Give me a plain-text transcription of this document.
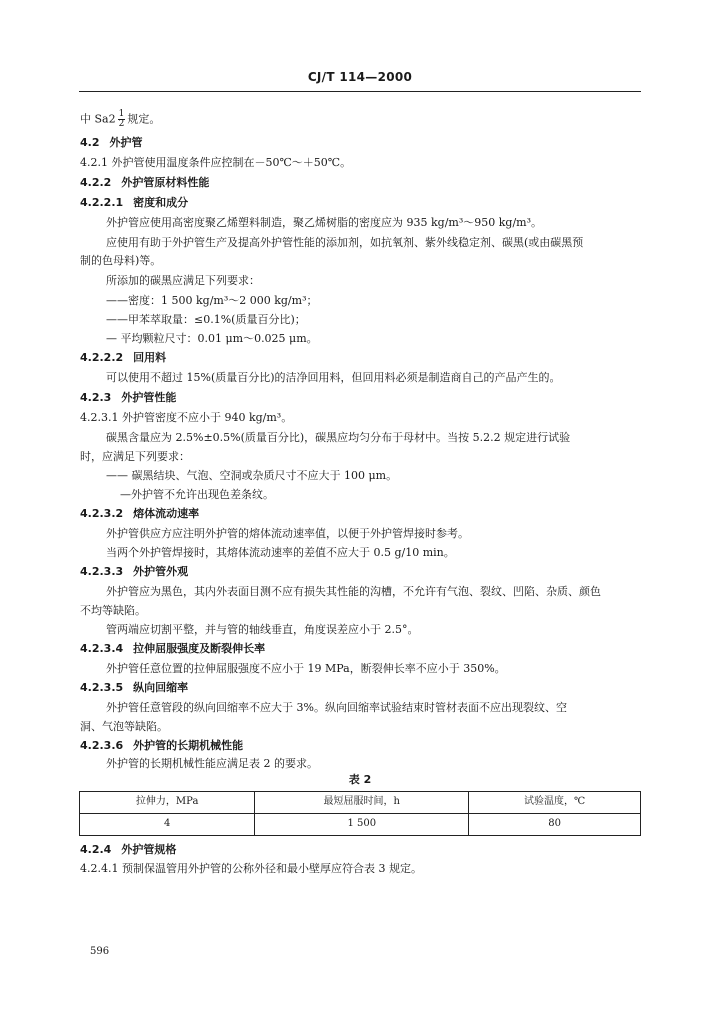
CJ/T 114—2000
中 $Sa2 \frac{1}{2}$ 规定。
4.2 外护管
4.2.1 外护管使用温度条件应控制在－50℃～＋50℃。
4.2.2 外护管原材料性能
4.2.2.1 密度和成分
外护管应使用高密度聚乙烯塑料制造，聚乙烯树脂的密度应为 935 kg/m³～950 kg/m³。
应使用有助于外护管生产及提高外护管性能的添加剂，如抗氧剂、紫外线稳定剂、碳黑(或由碳黑预
制的色母料)等。
所添加的碳黑应满足下列要求：
——密度：1 500 kg/m³～2 000 kg/m³；
——甲苯萃取量：≤0.1%(质量百分比)；
— 平均颗粒尺寸：0.01 μm～0.025 μm。
4.2.2.2 回用料
可以使用不超过 15%(质量百分比)的洁净回用料，但回用料必须是制造商自己的产品产生的。
4.2.3 外护管性能
4.2.3.1 外护管密度不应小于 940 kg/m³。
碳黑含量应为 2.5%±0.5%(质量百分比)，碳黑应均匀分布于母材中。当按 5.2.2 规定进行试验
时，应满足下列要求：
—— 碳黑结块、气泡、空洞或杂质尺寸不应大于 100 μm。
—外护管不允许出现色差条纹。
4.2.3.2 熔体流动速率
外护管供应方应注明外护管的熔体流动速率值，以便于外护管焊接时参考。
当两个外护管焊接时，其熔体流动速率的差值不应大于 0.5 g/10 min。
4.2.3.3 外护管外观
外护管应为黑色，其内外表面目测不应有损失其性能的沟槽，不允许有气泡、裂纹、凹陷、杂质、颜色
不均等缺陷。
管两端应切割平整，并与管的轴线垂直，角度误差应小于 2.5°。
4.2.3.4 拉伸屈服强度及断裂伸长率
外护管任意位置的拉伸屈服强度不应小于 19 MPa，断裂伸长率不应小于 350%。
4.2.3.5 纵向回缩率
外护管任意管段的纵向回缩率不应大于 3%。纵向回缩率试验结束时管材表面不应出现裂纹、空
洞、气泡等缺陷。
4.2.3.6 外护管的长期机械性能
外护管的长期机械性能应满足表 2 的要求。
表 2
拉伸力，MPa	最短屈服时间，h	试验温度，℃
4	1 500	80
4.2.4 外护管规格
4.2.4.1 预制保温管用外护管的公称外径和最小壁厚应符合表 3 规定。
596
